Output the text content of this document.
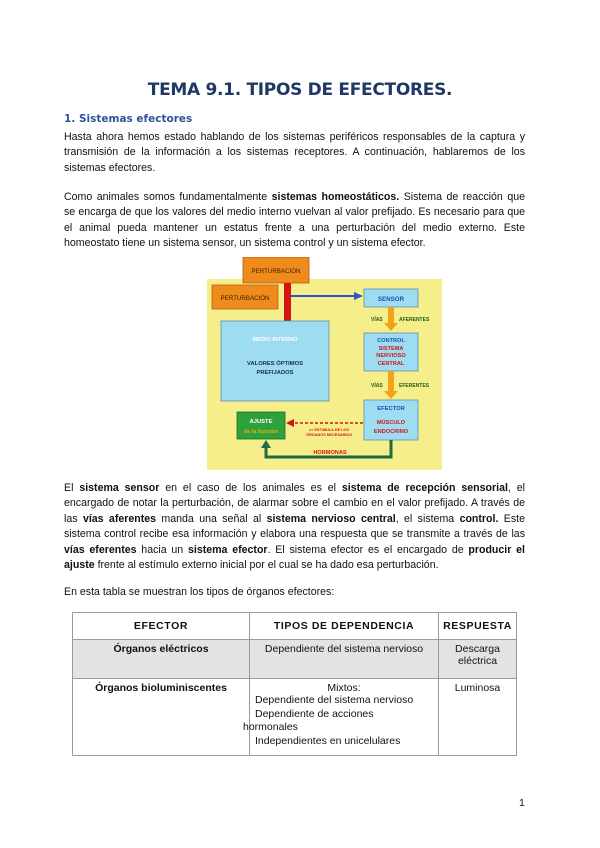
TEMA 9.1. TIPOS DE EFECTORES.
1. Sistemas efectores
Hasta ahora hemos estado hablando de los sistemas periféricos responsables de la captura y transmisión de la información a los sistemas receptores. A continuación, hablaremos de los sistemas efectores.
Como animales somos fundamentalmente sistemas homeostáticos. Sistema de reacción que se encarga de que los valores del medio interno vuelvan al valor prefijado. Es necesario para que el animal pueda mantener un estatus frente a una perturbación del medio externo. Este homeostato tiene un sistema sensor, un sistema control y un sistema efector.
PERTURBACIÓN
PERTURBACIÓN	SENSOR
VÍAS	AFERENTES
CONTROL
SISTEMA
NERVIOSO
CENTRAL
VÍAS	EFERENTES
EFECTOR
MÚSCULO
ENDOCRINO
MEDIO INTERNO
VALORES ÓPTIMOS
PREFIJADOS
AJUSTE
de la función	>> ESTIMULA DE LOS
ÓRGANOS NECESARIOS
HORMONAS
El sistema sensor en el caso de los animales es el sistema de recepción sensorial, el encargado de notar la perturbación, de alarmar sobre el cambio en el valor prefijado. A través de las vías aferentes manda una señal al sistema nervioso central, el sistema control. Este sistema control recibe esa información y elabora una respuesta que se transmite a través de las vías eferentes hacia un sistema efector. El sistema efector es el encargado de producir el ajuste frente al estímulo externo inicial por el cual se ha dado esa perturbación.
En esta tabla se muestran los tipos de órganos efectores:
EFECTOR	TIPOS DE DEPENDENCIA	RESPUESTA
Órganos eléctricos	Dependiente del sistema nervioso	Descarga eléctrica
Órganos bioluminiscentes	Mixtos:
Dependiente del sistema nervioso
Dependiente de acciones
hormonales
Independientes en unicelulares	Luminosa
1
